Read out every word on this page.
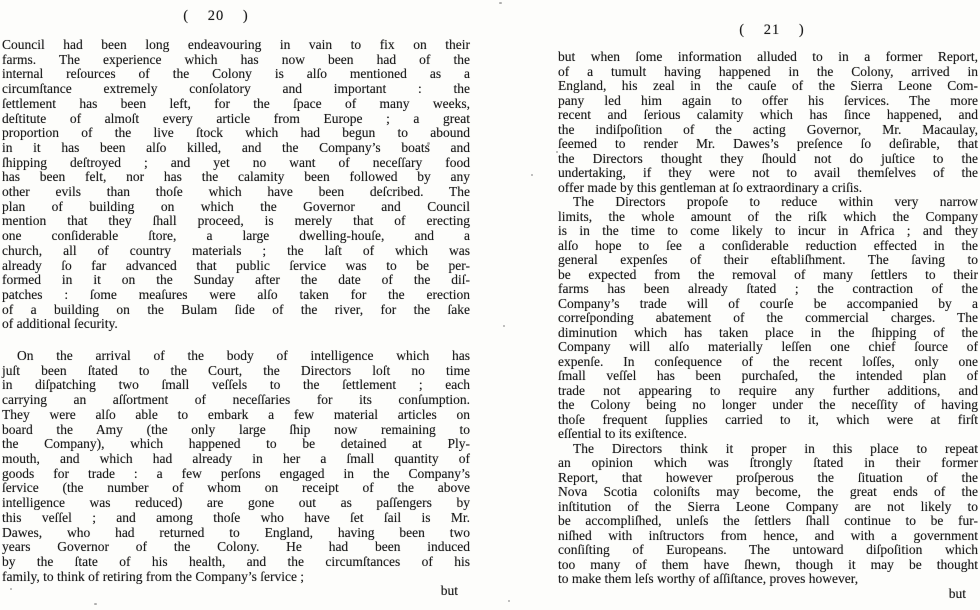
( 20 )
Council had been long endeavouring in vain to fix on their
farms. The experience which has now been had of the
internal reſources of the Colony is alſo mentioned as a
circumſtance extremely conſolatory and important : the
ſettlement has been left, for the ſpace of many weeks,
deſtitute of almoſt every article from Europe ; a great
proportion of the live ſtock which had begun to abound
in it has been alſo killed, and the Company’s boats and
ſhipping deſtroyed ; and yet no want of neceſſary food
has been felt, nor has the calamity been followed by any
other evils than thoſe which have been deſcribed. The
plan of building on which the Governor and Council
mention that they ſhall proceed, is merely that of erecting
one conſiderable ſtore, a large dwelling-houſe, and a
church, all of country materials ; the laſt of which was
already ſo far advanced that public ſervice was to be per-
formed in it on the Sunday after the date of the diſ-
patches : ſome meaſures were alſo taken for the erection
of a building on the Bulam ſide of the river, for the ſake
of additional ſecurity.
On the arrival of the body of intelligence which has
juſt been ſtated to the Court, the Directors loſt no time
in diſpatching two ſmall veſſels to the ſettlement ; each
carrying an aſſortment of neceſſaries for its conſumption.
They were alſo able to embark a few material articles on
board the Amy (the only large ſhip now remaining to
the Company), which happened to be detained at Ply-
mouth, and which had already in her a ſmall quantity of
goods for trade : a few perſons engaged in the Company’s
ſervice (the number of whom on receipt of the above
intelligence was reduced) are gone out as paſſengers by
this veſſel ; and among thoſe who have ſet ſail is Mr.
Dawes, who had returned to England, having been two
years Governor of the Colony. He had been induced
by the ſtate of his health, and the circumſtances of his
family, to think of retiring from the Company’s ſervice ;
but
( 21 )
but when ſome information alluded to in a former Report,
of a tumult having happened in the Colony, arrived in
England, his zeal in the cauſe of the Sierra Leone Com-
pany led him again to offer his ſervices. The more
recent and ſerious calamity which has ſince happened, and
the indiſpoſition of the acting Governor, Mr. Macaulay,
ſeemed to render Mr. Dawes’s preſence ſo deſirable, that
the Directors thought they ſhould not do juſtice to the
undertaking, if they were not to avail themſelves of the
offer made by this gentleman at ſo extraordinary a criſis.
The Directors propoſe to reduce within very narrow
limits, the whole amount of the riſk which the Company
is in the time to come likely to incur in Africa ; and they
alſo hope to ſee a conſiderable reduction effected in the
general expenſes of their eſtabliſhment. The ſaving to
be expected from the removal of many ſettlers to their
farms has been already ſtated ; the contraction of the
Company’s trade will of courſe be accompanied by a
correſponding abatement of the commercial charges. The
diminution which has taken place in the ſhipping of the
Company will alſo materially leſſen one chief ſource of
expenſe. In conſequence of the recent loſſes, only one
ſmall veſſel has been purchaſed, the intended plan of
trade not appearing to require any further additions, and
the Colony being no longer under the neceſſity of having
thoſe frequent ſupplies carried to it, which were at firſt
eſſential to its exiſtence.
The Directors think it proper in this place to repeat
an opinion which was ſtrongly ſtated in their former
Report, that however proſperous the ſituation of the
Nova Scotia coloniſts may become, the great ends of the
inſtitution of the Sierra Leone Company are not likely to
be accompliſhed, unleſs the ſettlers ſhall continue to be fur-
niſhed with inſtructors from hence, and with a government
conſiſting of Europeans. The untoward diſpoſition which
too many of them have ſhewn, though it may be thought
to make them leſs worthy of aſſiſtance, proves however,
but
